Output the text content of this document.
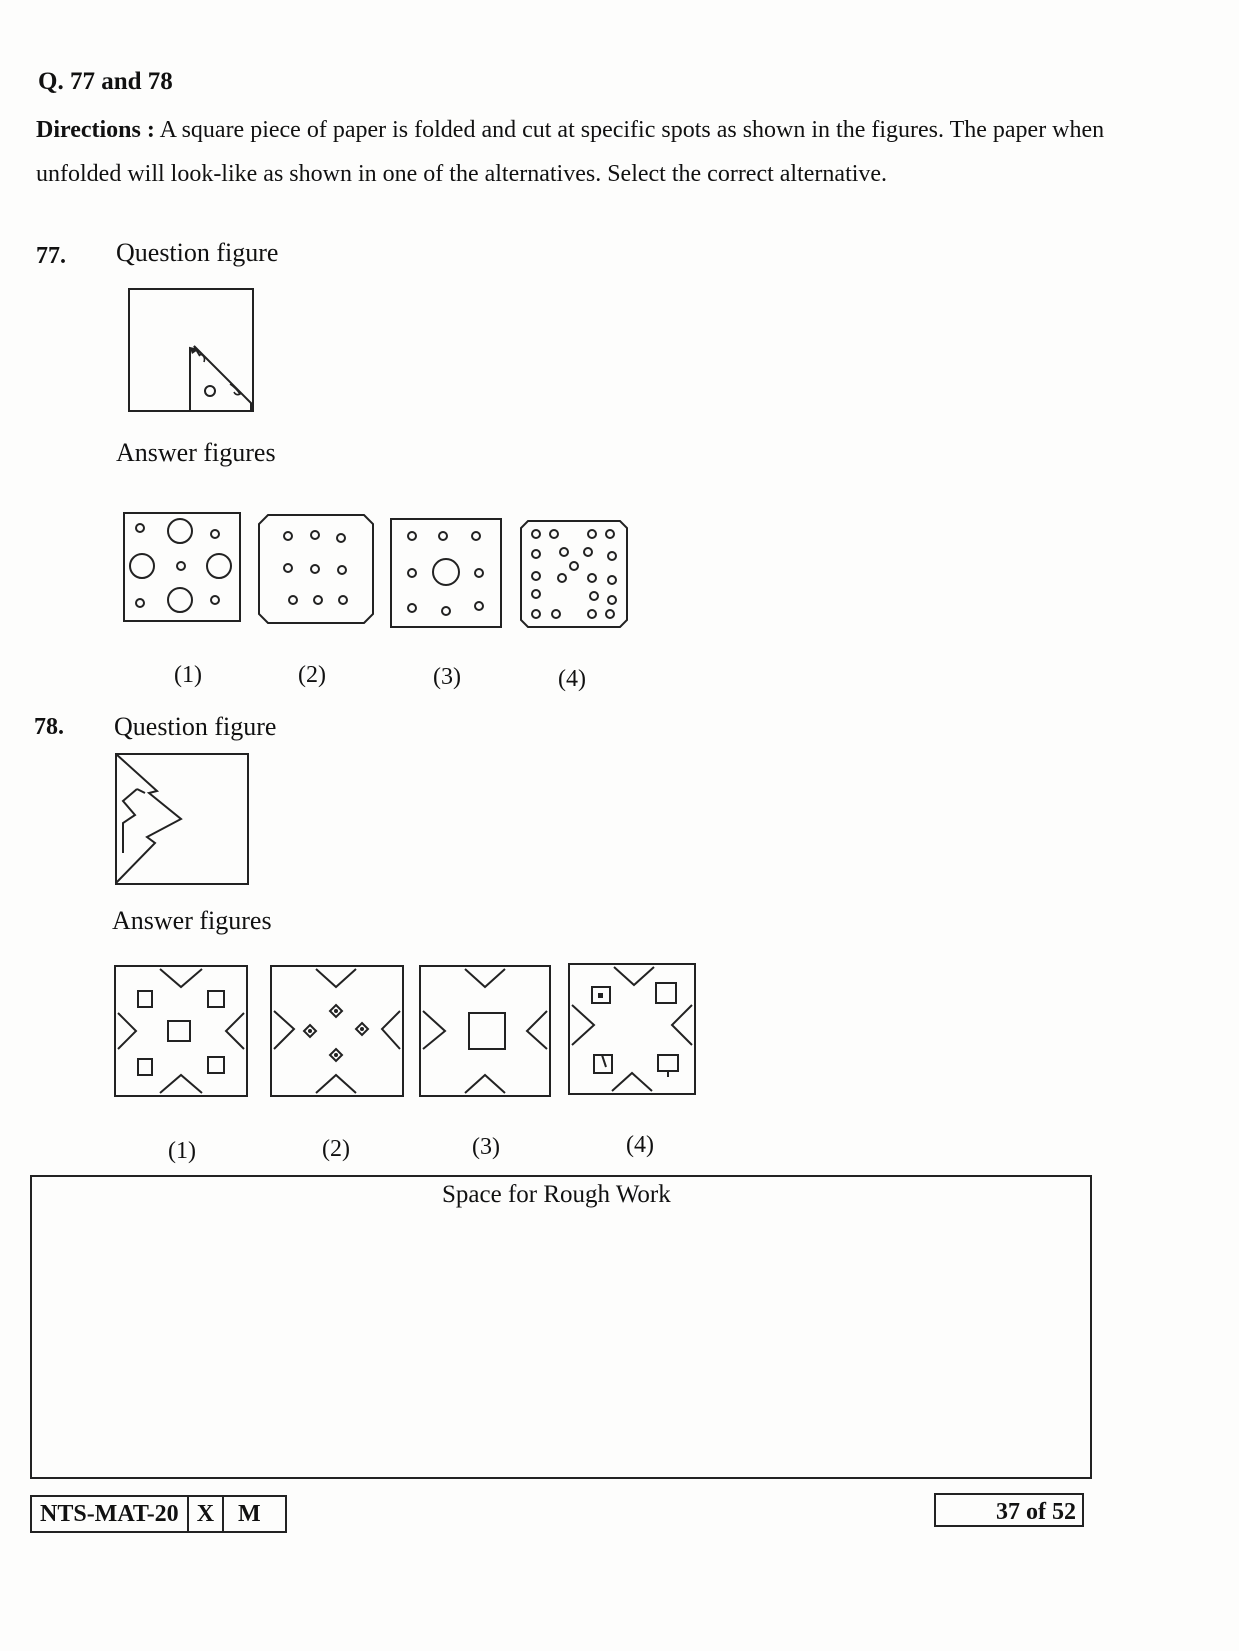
Q. 77 and 78
Directions : A square piece of paper is folded and cut at specific spots as shown in the figures. The paper when unfolded will look-like as shown in one of the alternatives. Select the correct alternative.
77. Question figure
Answer figures
(1)	(2)	(3)	(4)
78. Question figure
Answer figures
(1)	(2)	(3)	(4)
Space for Rough Work
NTS-MAT-20 X	M	37 of 52
